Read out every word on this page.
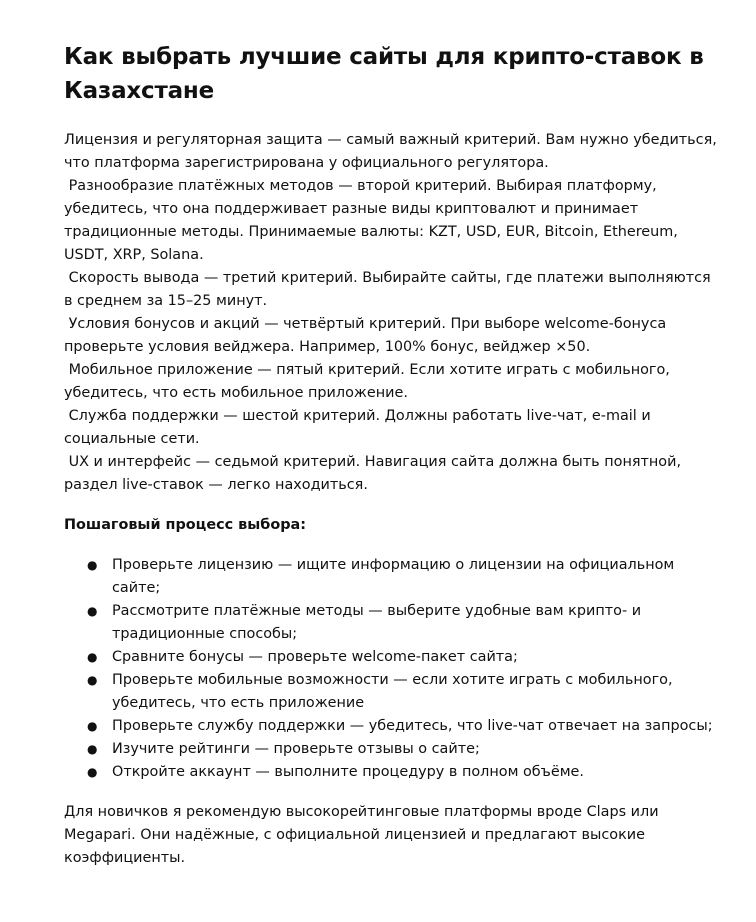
Как выбрать лучшие сайты для крипто-ставок в Казахстане
Лицензия и регуляторная защита — самый важный критерий. Вам нужно убедиться, что платформа зарегистрирована у официального регулятора.
Разнообразие платёжных методов — второй критерий. Выбирая платформу, убедитесь, что она поддерживает разные виды криптовалют и принимает традиционные методы. Принимаемые валюты: KZT, USD, EUR, Bitcoin, Ethereum, USDT, XRP, Solana.
Скорость вывода — третий критерий. Выбирайте сайты, где платежи выполняются в среднем за 15–25 минут.
Условия бонусов и акций — четвёртый критерий. При выборе welcome-бонуса проверьте условия вейджера. Например, 100% бонус, вейджер ×50.
Мобильное приложение — пятый критерий. Если хотите играть с мобильного, убедитесь, что есть мобильное приложение.
Служба поддержки — шестой критерий. Должны работать live-чат, e-mail и социальные сети.
UX и интерфейс — седьмой критерий. Навигация сайта должна быть понятной, раздел live-ставок — легко находиться.
Пошаговый процесс выбора:
● Проверьте лицензию — ищите информацию о лицензии на официальном сайте;
● Рассмотрите платёжные методы — выберите удобные вам крипто- и традиционные способы;
● Сравните бонусы — проверьте welcome-пакет сайта;
● Проверьте мобильные возможности — если хотите играть с мобильного, убедитесь, что есть приложение
● Проверьте службу поддержки — убедитесь, что live-чат отвечает на запросы;
● Изучите рейтинги — проверьте отзывы о сайте;
● Откройте аккаунт — выполните процедуру в полном объёме.
Для новичков я рекомендую высокорейтинговые платформы вроде Claps или Megapari. Они надёжные, с официальной лицензией и предлагают высокие коэффициенты.
